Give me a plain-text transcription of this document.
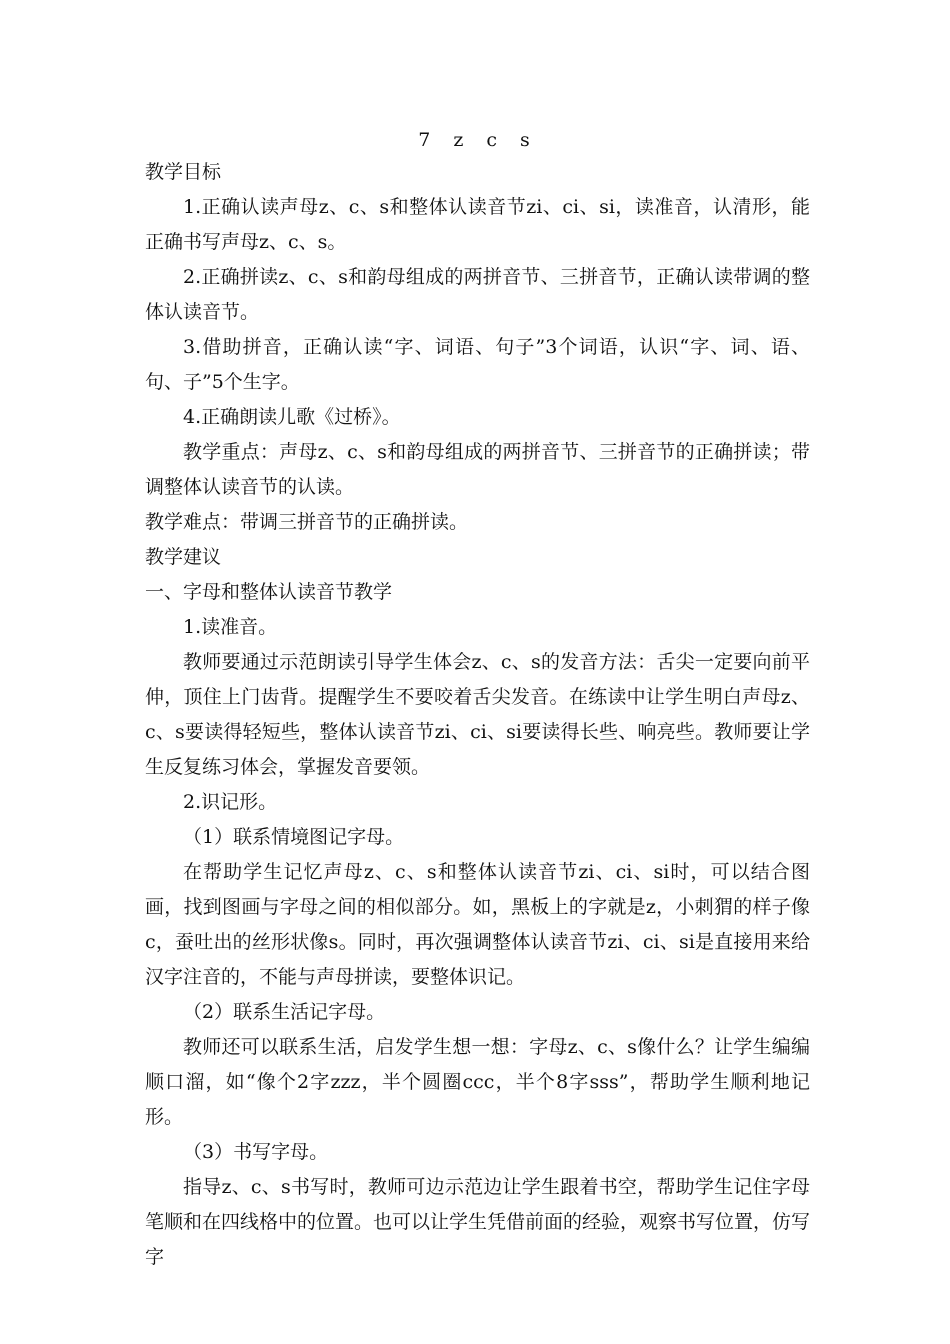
7　z　c　s

教学目标

1.正确认读声母z、c、s和整体认读音节zi、ci、si，读准音，认清形，能正确书写声母z、c、s。

2.正确拼读z、c、s和韵母组成的两拼音节、三拼音节，正确认读带调的整体认读音节。

3.借助拼音，正确认读“字、词语、句子”3个词语，认识“字、词、语、句、子”5个生字。

4.正确朗读儿歌《过桥》。

教学重点：声母z、c、s和韵母组成的两拼音节、三拼音节的正确拼读；带调整体认读音节的认读。

教学难点：带调三拼音节的正确拼读。

教学建议

一、字母和整体认读音节教学

1.读准音。

教师要通过示范朗读引导学生体会z、c、s的发音方法：舌尖一定要向前平伸，顶住上门齿背。提醒学生不要咬着舌尖发音。在练读中让学生明白声母z、c、s要读得轻短些，整体认读音节zi、ci、si要读得长些、响亮些。教师要让学生反复练习体会，掌握发音要领。

2.识记形。

（1）联系情境图记字母。

在帮助学生记忆声母z、c、s和整体认读音节zi、ci、si时，可以结合图画，找到图画与字母之间的相似部分。如，黑板上的字就是z，小刺猬的样子像c，蚕吐出的丝形状像s。同时，再次强调整体认读音节zi、ci、si是直接用来给汉字注音的，不能与声母拼读，要整体识记。

（2）联系生活记字母。

教师还可以联系生活，启发学生想一想：字母z、c、s像什么？让学生编编顺口溜，如“像个2字zzz，半个圆圈ccc，半个8字sss”，帮助学生顺利地记形。

（3）书写字母。

指导z、c、s书写时，教师可边示范边让学生跟着书空，帮助学生记住字母笔顺和在四线格中的位置。也可以让学生凭借前面的经验，观察书写位置，仿写字
